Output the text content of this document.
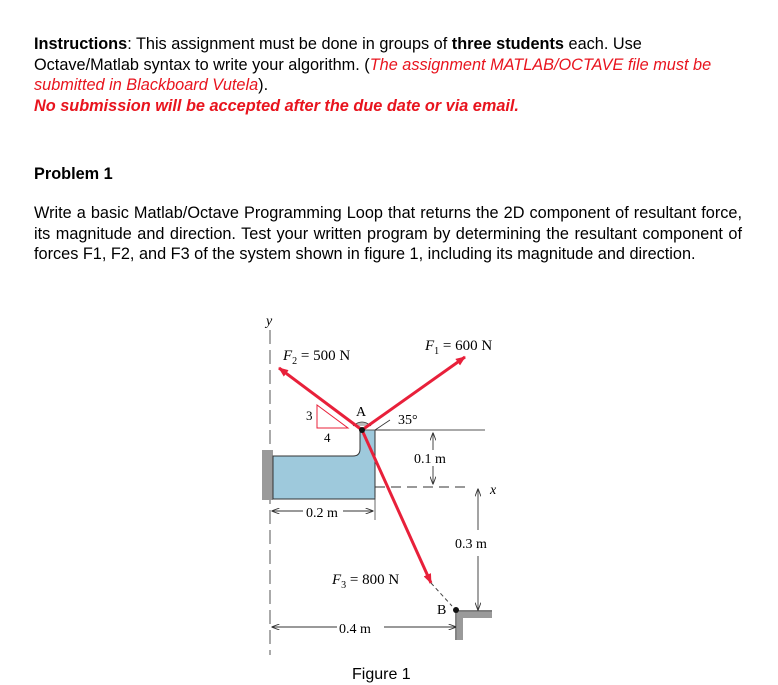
Instructions: This assignment must be done in groups of three students each. Use Octave/Matlab syntax to write your algorithm. (The assignment MATLAB/OCTAVE file must be submitted in Blackboard Vutela).
No submission will be accepted after the due date or via email.

Problem 1

Write a basic Matlab/Octave Programming Loop that returns the 2D component of resultant force, its magnitude and direction. Test your written program by determining the resultant component of forces F1, F2, and F3 of the system shown in figure 1, including its magnitude and direction.

y
x
0.1 m
0.2 m
0.3 m
0.4 m
B
35°
3
4
A
$F_2 = 500$ N
$F_1 = 600$ N
$F_3 = 800$ N
Figure 1
